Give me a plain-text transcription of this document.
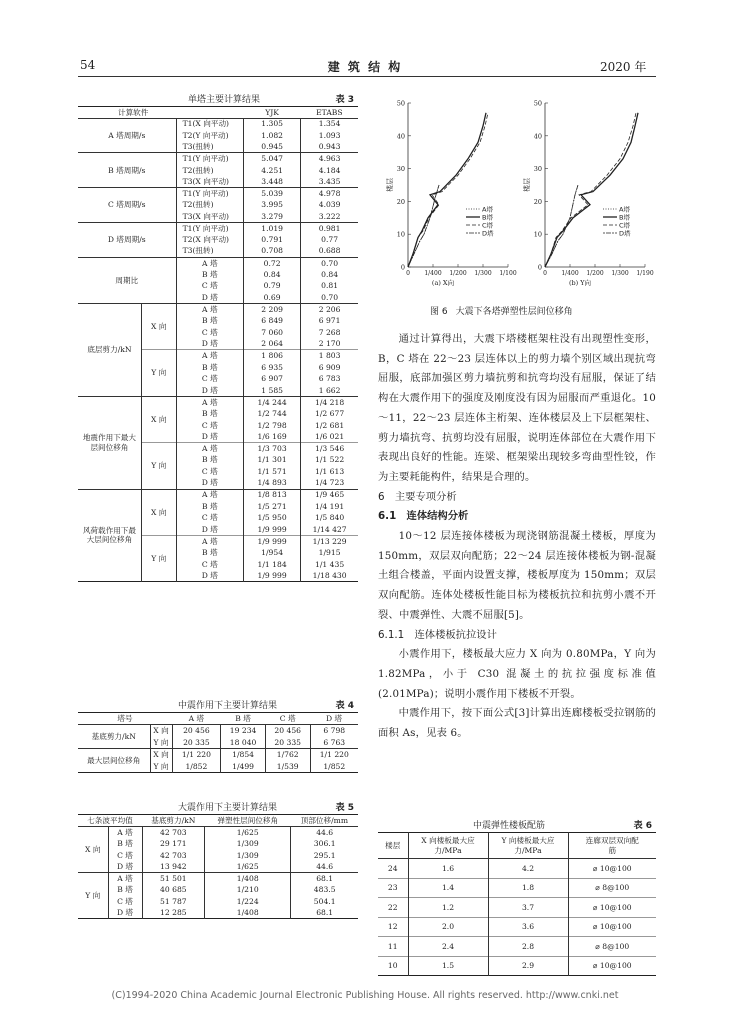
54	建 筑 结 构	2020 年
单塔主要计算结果	表 3
计算软件			YJK	ETABS
A 塔周期/s		T1(X 向平动)	1.305	1.354
		T2(Y 向平动)	1.082	1.093
		T3(扭转)	0.945	0.943
B 塔周期/s		T1(Y 向平动)	5.047	4.963
		T2(扭转)	4.251	4.184
		T3(X 向平动)	3.448	3.435
C 塔周期/s		T1(Y 向平动)	5.039	4.978
		T2(扭转)	3.995	4.039
		T3(X 向平动)	3.279	3.222
D 塔周期/s		T1(Y 向平动)	1.019	0.981
		T2(X 向平动)	0.791	0.77
		T3(扭转)	0.708	0.688
周期比		A 塔	0.72	0.70
		B 塔	0.84	0.84
		C 塔	0.79	0.81
		D 塔	0.69	0.70
底层剪力/kN	X 向	A 塔	2 209	2 206
		B 塔	6 849	6 971
		C 塔	7 060	7 268
		D 塔	2 064	2 170
	Y 向	A 塔	1 806	1 803
		B 塔	6 935	6 909
		C 塔	6 907	6 783
		D 塔	1 585	1 662
地震作用下最大层间位移角	X 向	A 塔	1/4 244	1/4 218
		B 塔	1/2 744	1/2 677
		C 塔	1/2 798	1/2 681
		D 塔	1/6 169	1/6 021
	Y 向	A 塔	1/3 703	1/3 546
		B 塔	1/1 301	1/1 522
		C 塔	1/1 571	1/1 613
		D 塔	1/4 893	1/4 723
风荷载作用下最大层间位移角	X 向	A 塔	1/8 813	1/9 465
		B 塔	1/5 271	1/4 191
		C 塔	1/5 950	1/5 840
		D 塔	1/9 999	1/14 427
	Y 向	A 塔	1/9 999	1/13 229
		B 塔	1/954	1/915
		C 塔	1/1 184	1/1 435
		D 塔	1/9 999	1/18 430
中震作用下主要计算结果	表 4
塔号		A 塔	B 塔	C 塔	D 塔
基底剪力/kN	X 向	20 456	19 234	20 456	6 798
	Y 向	20 335	18 040	20 335	6 763
最大层间位移角	X 向	1/1 220	1/854	1/762	1/1 220
	Y 向	1/852	1/499	1/539	1/852
大震作用下主要计算结果	表 5
七条波平均值		基底剪力/kN	弹塑性层间位移角	顶部位移/mm
X 向	A 塔	42 703	1/625	44.6
	B 塔	29 171	1/309	306.1
	C 塔	42 703	1/309	295.1
	D 塔	13 942	1/625	44.6
Y 向	A 塔	51 501	1/408	68.1
	B 塔	40 685	1/210	483.5
	C 塔	51 787	1/224	504.1
	D 塔	12 285	1/408	68.1
0
10
20
30
40
50
0 1/400 1/200 1/300 1/100
楼层
(a) X向
A塔
B塔
C塔
D塔
0
10
20
30
40
50
0 1/400 1/200 1/300 1/190
楼层
(b) Y向
A塔
B塔
C塔
D塔
图 6 大震下各塔弹塑性层间位移角

通过计算得出，大震下塔楼框架柱没有出现塑性变形，B，C 塔在 22～23 层连体以上的剪力墙个别区域出现抗弯屈服，底部加强区剪力墙抗剪和抗弯均没有屈服，保证了结构在大震作用下的强度及刚度没有因为屈服而严重退化。10～11，22～23 层连体主桁架、连体楼层及上下层框架柱、剪力墙抗弯、抗剪均没有屈服，说明连体部位在大震作用下表现出良好的性能。连梁、框架梁出现较多弯曲型性铰，作为主要耗能构件，结果是合理的。

6　主要专项分析
6.1　连体结构分析

10～12 层连接体楼板为现浇钢筋混凝土楼板，厚度为 150mm，双层双向配筋；22～24 层连接体楼板为钢-混凝土组合楼盖，平面内设置支撑，楼板厚度为 150mm；双层双向配筋。连体处楼板性能目标为楼板抗拉和抗剪小震不开裂、中震弹性、大震不屈服[5]。

6.1.1　连体楼板抗拉设计

小震作用下，楼板最大应力 X 向为 0.80MPa，Y 向为 1.82MPa，小于 C30 混凝土的抗拉强度标准值(2.01MPa)；说明小震作用下楼板不开裂。

中震作用下，按下面公式[3]计算出连廊楼板受拉钢筋的面积 As，见表 6。

中震弹性楼板配筋	表 6
楼层	X 向楼板最大应力/MPa	Y 向楼板最大应力/MPa	连廊双层双向配筋
24	1.6	4.2	⌀ 10@100
23	1.4	1.8	⌀ 8@100
22	1.2	3.7	⌀ 10@100
12	2.0	3.6	⌀ 10@100
11	2.4	2.8	⌀ 8@100
10	1.5	2.9	⌀ 10@100
(C)1994-2020 China Academic Journal Electronic Publishing House. All rights reserved. http://www.cnki.net
